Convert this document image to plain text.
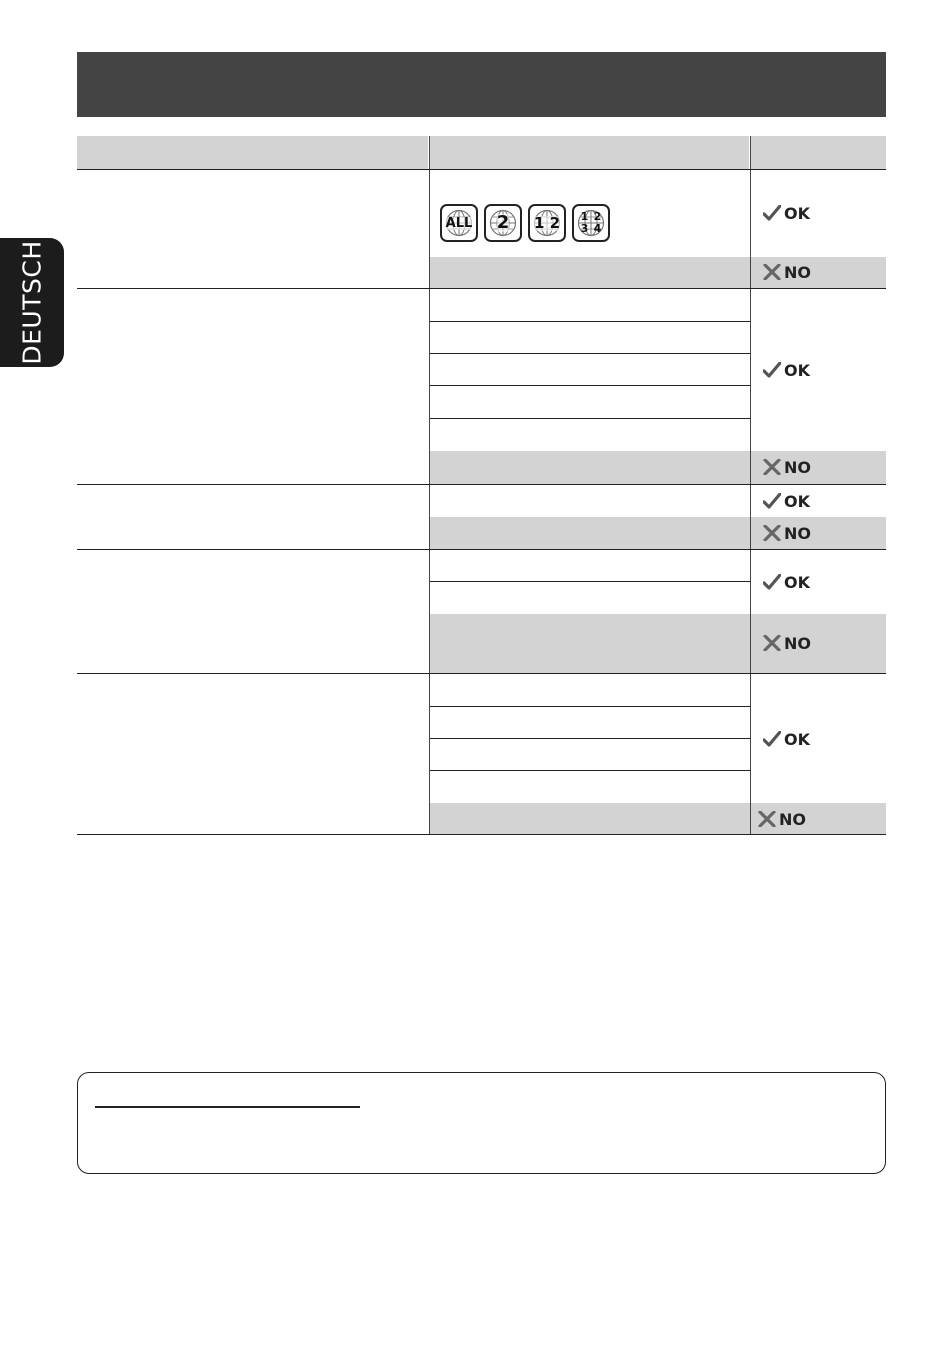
DEUTSCH
ALL 2 1 2 1 2
3 4
OK
NO
OK
NO
OK
NO
OK
NO
OK
NO
